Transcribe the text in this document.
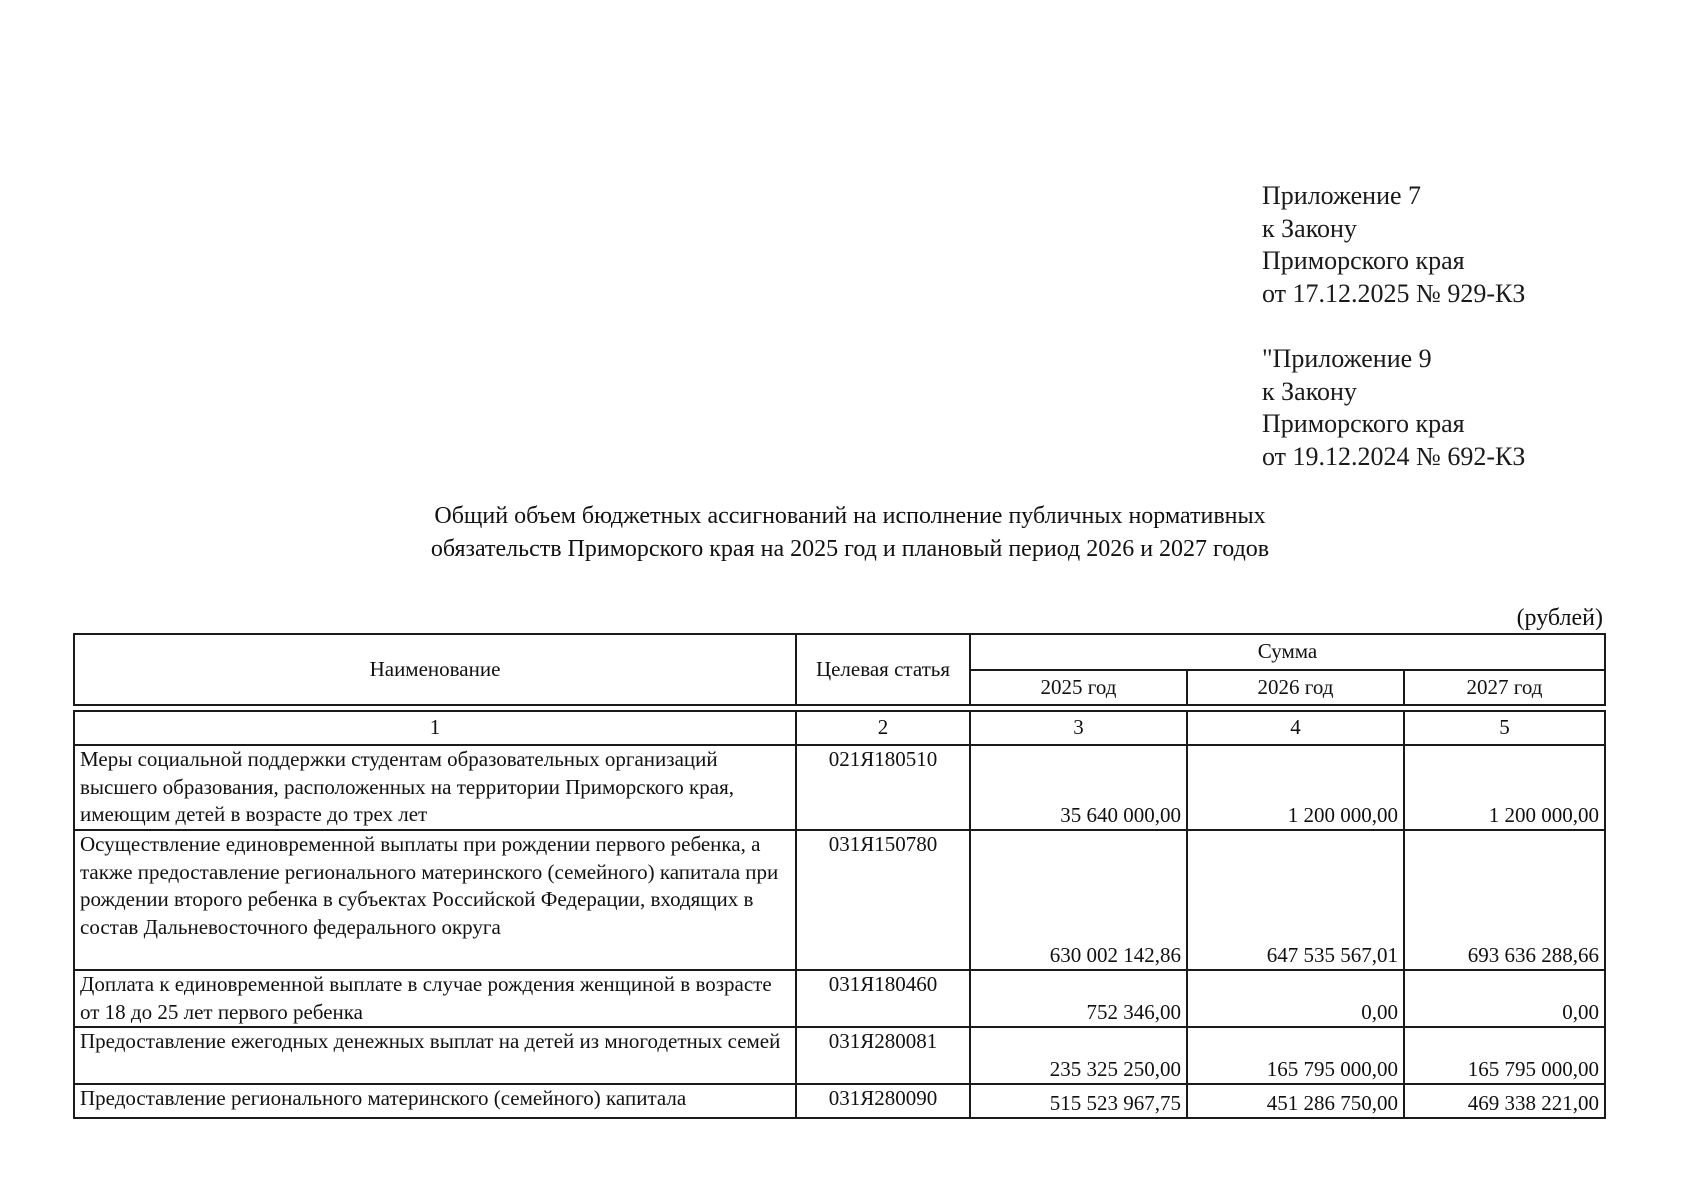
Приложение 7
к Закону
Приморского края
от 17.12.2025 № 929-КЗ
"Приложение 9
к Закону
Приморского края
от 19.12.2024 № 692-КЗ
Общий объем бюджетных ассигнований на исполнение публичных нормативных
обязательств Приморского края на 2025 год и плановый период 2026 и 2027 годов
(рублей)
Наименование	Целевая статья	Сумма		
		2025 год	2026 год	2027 год
1	2	3	4	5
Меры социальной поддержки студентам образовательных организаций высшего образования, расположенных на территории Приморского края, имеющим детей в возрасте до трех лет	021Я180510	35 640 000,00	1 200 000,00	1 200 000,00
Осуществление единовременной выплаты при рождении первого ребенка, а также предоставление регионального материнского (семейного) капитала при рождении второго ребенка в субъектах Российской Федерации, входящих в состав Дальневосточного федерального округа	031Я150780	630 002 142,86	647 535 567,01	693 636 288,66
Доплата к единовременной выплате в случае рождения женщиной в возрасте от 18 до 25 лет первого ребенка	031Я180460	752 346,00	0,00	0,00
Предоставление ежегодных денежных выплат на детей из многодетных семей	031Я280081	235 325 250,00	165 795 000,00	165 795 000,00
Предоставление регионального материнского (семейного) капитала	031Я280090	515 523 967,75	451 286 750,00	469 338 221,00
